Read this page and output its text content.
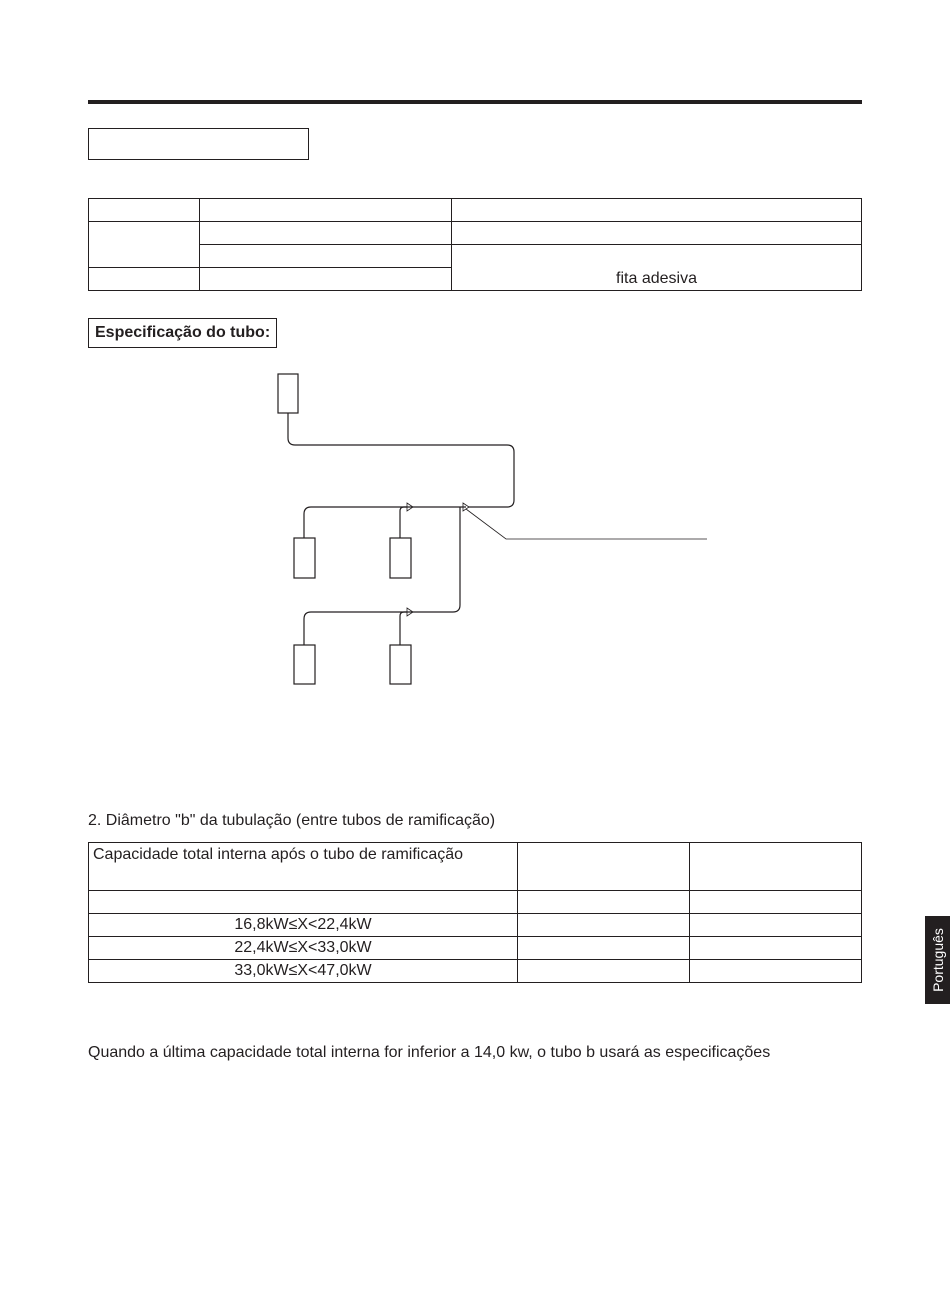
		fita adesiva

Especificação do tubo:
2. Diâmetro "b" da tubulação (entre tubos de ramificação)
Capacidade total interna após o tubo de ramificação		

16,8kW≤X<22,4kW		
22,4kW≤X<33,0kW		
33,0kW≤X<47,0kW		
Quando a última capacidade total interna for inferior a 14,0 kw, o tubo b usará as especificações
Português
